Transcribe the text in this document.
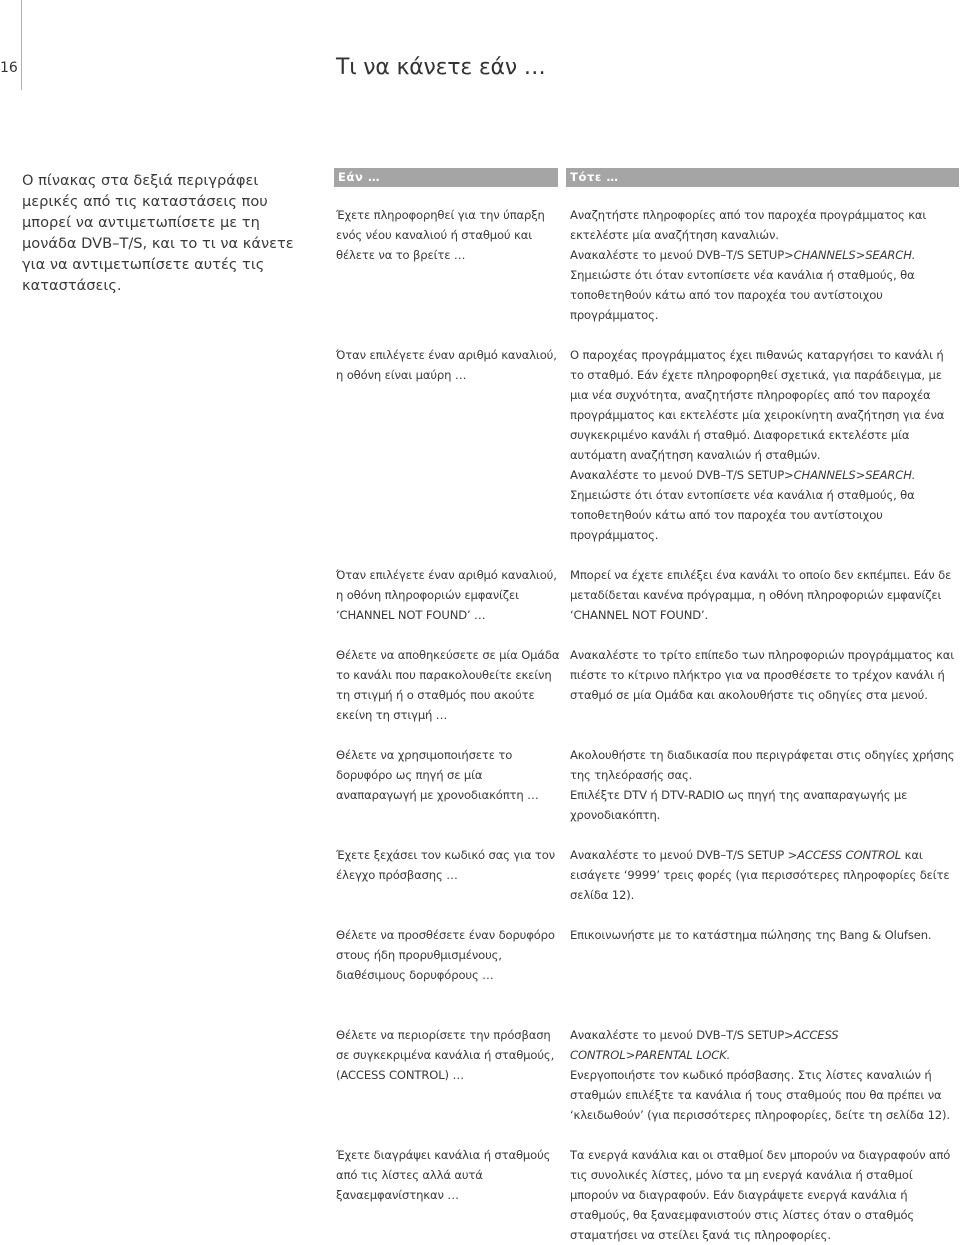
16	Τι να κάνετε εάν …
Ο πίνακας στα δεξιά περιγράφει μερικές από τις καταστάσεις που μπορεί να αντιμετωπίσετε με τη μονάδα DVB–T/S, και το τι να κάνετε για να αντιμετωπίσετε αυτές τις καταστάσεις.
Εάν …	Τότε …
Έχετε πληροφορηθεί για την ύπαρξη ενός νέου καναλιού ή σταθμού και θέλετε να το βρείτε …
Αναζητήστε πληροφορίες από τον παροχέα προγράμματος και εκτελέστε μία αναζήτηση καναλιών.
Ανακαλέστε το μενού DVB–T/S SETUP>CHANNELS>SEARCH.
Σημειώστε ότι όταν εντοπίσετε νέα κανάλια ή σταθμούς, θα τοποθετηθούν κάτω από τον παροχέα του αντίστοιχου προγράμματος.
Όταν επιλέγετε έναν αριθμό καναλιού, η οθόνη είναι μαύρη …
Ο παροχέας προγράμματος έχει πιθανώς καταργήσει το κανάλι ή το σταθμό. Εάν έχετε πληροφορηθεί σχετικά, για παράδειγμα, με μια νέα συχνότητα, αναζητήστε πληροφορίες από τον παροχέα προγράμματος και εκτελέστε μία χειροκίνητη αναζήτηση για ένα συγκεκριμένο κανάλι ή σταθμό. Διαφορετικά εκτελέστε μία αυτόματη αναζήτηση καναλιών ή σταθμών.
Ανακαλέστε το μενού DVB–T/S SETUP>CHANNELS>SEARCH.
Σημειώστε ότι όταν εντοπίσετε νέα κανάλια ή σταθμούς, θα τοποθετηθούν κάτω από τον παροχέα του αντίστοιχου προγράμματος.
Όταν επιλέγετε έναν αριθμό καναλιού, η οθόνη πληροφοριών εμφανίζει ‘CHANNEL NOT FOUND’ …
Μπορεί να έχετε επιλέξει ένα κανάλι το οποίο δεν εκπέμπει. Εάν δε μεταδίδεται κανένα πρόγραμμα, η οθόνη πληροφοριών εμφανίζει ‘CHANNEL NOT FOUND’.
Θέλετε να αποθηκεύσετε σε μία Ομάδα το κανάλι που παρακολουθείτε εκείνη τη στιγμή ή ο σταθμός που ακούτε εκείνη τη στιγμή …
Ανακαλέστε το τρίτο επίπεδο των πληροφοριών προγράμματος και πιέστε το κίτρινο πλήκτρο για να προσθέσετε το τρέχον κανάλι ή σταθμό σε μία Ομάδα και ακολουθήστε τις οδηγίες στα μενού.
Θέλετε να χρησιμοποιήσετε το δορυφόρο ως πηγή σε μία αναπαραγωγή με χρονοδιακόπτη …
Ακολουθήστε τη διαδικασία που περιγράφεται στις οδηγίες χρήσης της τηλεόρασής σας.
Επιλέξτε DTV ή DTV-RADIO ως πηγή της αναπαραγωγής με χρονοδιακόπτη.
Έχετε ξεχάσει τον κωδικό σας για τον έλεγχο πρόσβασης …
Ανακαλέστε το μενού DVB–T/S SETUP >ACCESS CONTROL και εισάγετε ‘9999’ τρεις φορές (για περισσότερες πληροφορίες δείτε σελίδα 12).
Θέλετε να προσθέσετε έναν δορυφόρο στους ήδη προρυθμισμένους, διαθέσιμους δορυφόρους …
Επικοινωνήστε με το κατάστημα πώλησης της Bang & Olufsen.
Θέλετε να περιορίσετε την πρόσβαση σε συγκεκριμένα κανάλια ή σταθμούς, (ACCESS CONTROL) …
Ανακαλέστε το μενού DVB–T/S SETUP>ACCESS CONTROL>PARENTAL LOCK.
Ενεργοποιήστε τον κωδικό πρόσβασης. Στις λίστες καναλιών ή σταθμών επιλέξτε τα κανάλια ή τους σταθμούς που θα πρέπει να ‘κλειδωθούν’ (για περισσότερες πληροφορίες, δείτε τη σελίδα 12).
Έχετε διαγράψει κανάλια ή σταθμούς από τις λίστες αλλά αυτά ξαναεμφανίστηκαν …
Τα ενεργά κανάλια και οι σταθμοί δεν μπορούν να διαγραφούν από τις συνολικές λίστες, μόνο τα μη ενεργά κανάλια ή σταθμοί μπορούν να διαγραφούν. Εάν διαγράψετε ενεργά κανάλια ή σταθμούς, θα ξαναεμφανιστούν στις λίστες όταν ο σταθμός σταματήσει να στείλει ξανά τις πληροφορίες.
